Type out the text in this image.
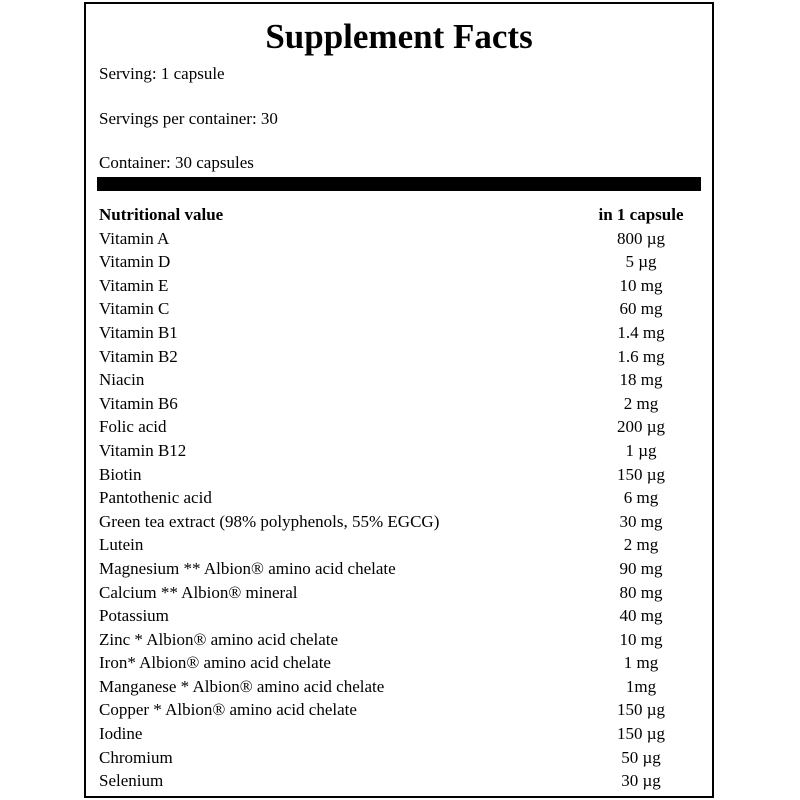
Supplement Facts
Serving: 1 capsule
Servings per container: 30
Container: 30 capsules
Nutritional value	in 1 capsule
Vitamin A	800 µg
Vitamin D	5 µg
Vitamin E	10 mg
Vitamin C	60 mg
Vitamin B1	1.4 mg
Vitamin B2	1.6 mg
Niacin	18 mg
Vitamin B6	2 mg
Folic acid	200 µg
Vitamin B12	1 µg
Biotin	150 µg
Pantothenic acid	6 mg
Green tea extract (98% polyphenols, 55% EGCG)	30 mg
Lutein	2 mg
Magnesium ** Albion® amino acid chelate	90 mg
Calcium ** Albion® mineral	80 mg
Potassium	40 mg
Zinc * Albion® amino acid chelate	10 mg
Iron* Albion® amino acid chelate	1 mg
Manganese * Albion® amino acid chelate	1mg
Copper * Albion® amino acid chelate	150 µg
Iodine	150 µg
Chromium	50 µg
Selenium	30 µg
